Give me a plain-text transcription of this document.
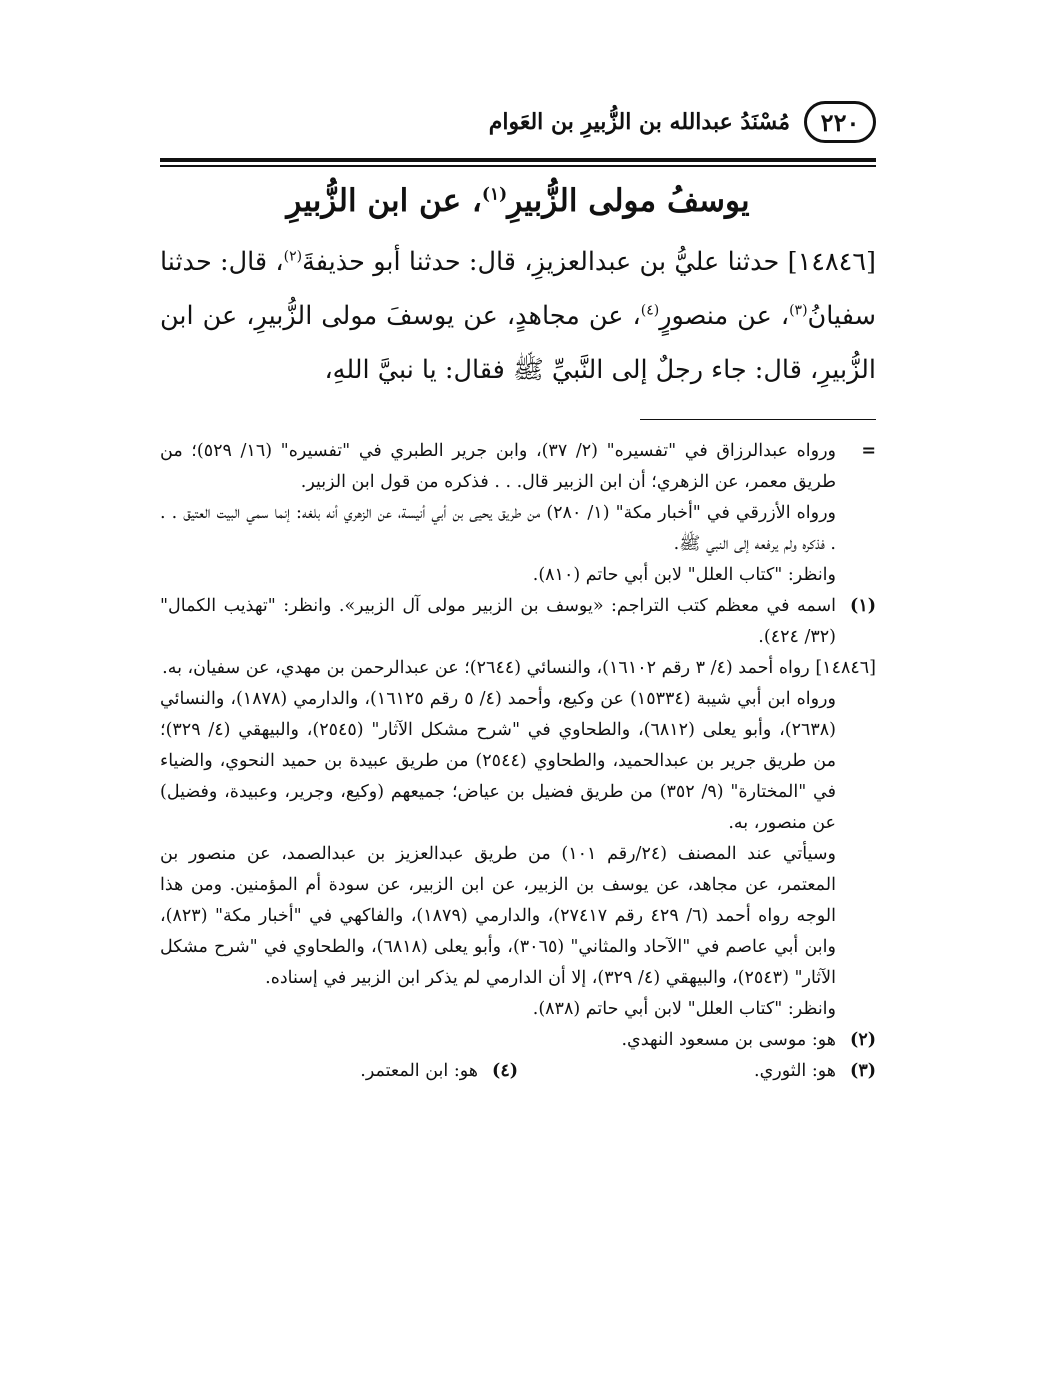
٢٢٠
مُسْنَدُ عبدالله بن الزُّبيرِ بن العَوام
يوسفُ مولى الزُّبيرِ$^{(١)}$، عن ابن الزُّبيرِ

[١٤٨٤٦] حدثنا عليُّ بن عبدالعزيزِ، قال: حدثنا أبو حذيفةَ$^{(٢)}$، قال: حدثنا سفيانُ$^{(٣)}$، عن منصورٍ$^{(٤)}$، عن مجاهدٍ، عن يوسفَ مولى الزُّبيرِ، عن ابن الزُّبيرِ، قال: جاء رجلٌ إلى النَّبيِّ ﷺ فقال: يا نبيَّ اللهِ،

=

ورواه عبدالرزاق في "تفسيره" (٢/ ٣٧)، وابن جرير الطبري في "تفسيره" (١٦/ ٥٢٩)؛ من طريق معمر، عن الزهري؛ أن ابن الزبير قال. . . فذكره من قول ابن الزبير.

ورواه الأزرقي في "أخبار مكة" (١/ ٢٨٠) من طريق يحيى بن أبي أنيسة، عن الزهري أنه بلغه: إنما سمي البيت العتيق . . . فذكره ولم يرفعه إلى النبي ﷺ.

وانظر: "كتاب العلل" لابن أبي حاتم (٨١٠).

(١)
اسمه في معظم كتب التراجم: «يوسف بن الزبير مولى آل الزبير». وانظر: "تهذيب الكمال" (٣٢/ ٤٢٤).

[١٤٨٤٦] رواه أحمد (٤/ ٣ رقم ١٦١٠٢)، والنسائي (٢٦٤٤)؛ عن عبدالرحمن بن مهدي، عن سفيان، به.

ورواه ابن أبي شيبة (١٥٣٣٤) عن وكيع، وأحمد (٤/ ٥ رقم ١٦١٢٥)، والدارمي (١٨٧٨)، والنسائي (٢٦٣٨)، وأبو يعلى (٦٨١٢)، والطحاوي في "شرح مشكل الآثار" (٢٥٤٥)، والبيهقي (٤/ ٣٢٩)؛ من طريق جرير بن عبدالحميد، والطحاوي (٢٥٤٤) من طريق عبيدة بن حميد النحوي، والضياء في "المختارة" (٩/ ٣٥٢) من طريق فضيل بن عياض؛ جميعهم (وكيع، وجرير، وعبيدة، وفضيل) عن منصور، به.

وسيأتي عند المصنف (٢٤/رقم ١٠١) من طريق عبدالعزيز بن عبدالصمد، عن منصور بن المعتمر، عن مجاهد، عن يوسف بن الزبير، عن ابن الزبير، عن سودة أم المؤمنين. ومن هذا الوجه رواه أحمد (٦/ ٤٢٩ رقم ٢٧٤١٧)، والدارمي (١٨٧٩)، والفاكهي في "أخبار مكة" (٨٢٣)، وابن أبي عاصم في "الآحاد والمثاني" (٣٠٦٥)، وأبو يعلى (٦٨١٨)، والطحاوي في "شرح مشكل الآثار" (٢٥٤٣)، والبيهقي (٤/ ٣٢٩)، إلا أن الدارمي لم يذكر ابن الزبير في إسناده.

وانظر: "كتاب العلل" لابن أبي حاتم (٨٣٨).

(٢)
هو: موسى بن مسعود النهدي.
(٣)
هو: الثوري.
(٤)
هو: ابن المعتمر.
